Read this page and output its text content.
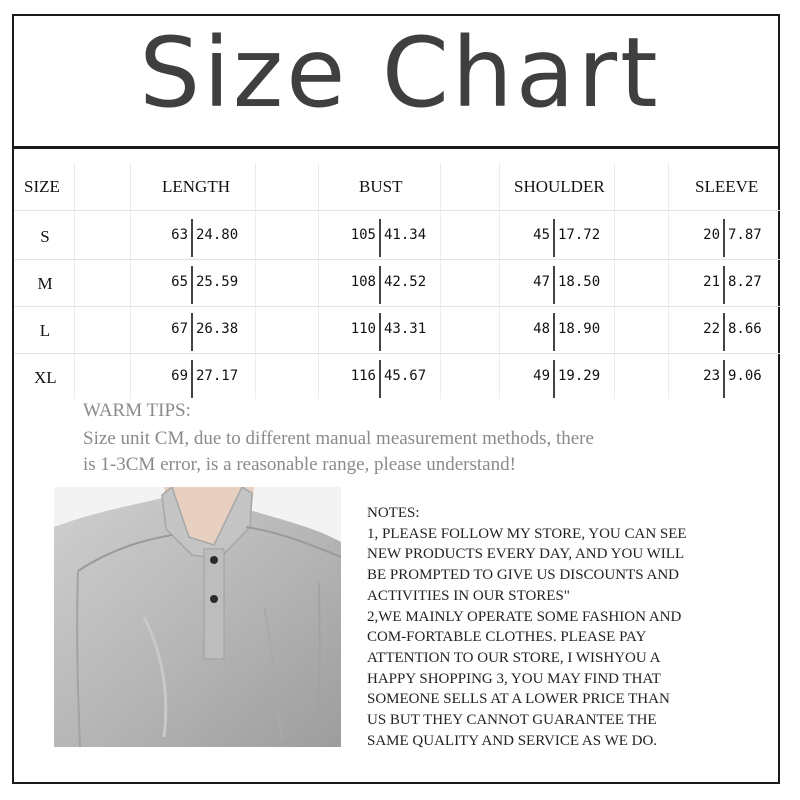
Size Chart
SIZE	LENGTH	BUST	SHOULDER	SLEEVE
S	63 24.80	105 41.34	45 17.72	20 7.87
M	65 25.59	108 42.52	47 18.50	21 8.27
L	67 26.38	110 43.31	48 18.90	22 8.66
XL	69 27.17	116 45.67	49 19.29	23 9.06
WARM TIPS:
Size unit CM, due to different manual measurement methods, there
is 1-3CM error, is a reasonable range, please understand!
NOTES:
1, PLEASE FOLLOW MY STORE, YOU CAN SEE
NEW PRODUCTS EVERY DAY, AND YOU WILL
BE PROMPTED TO GIVE US DISCOUNTS AND
ACTIVITIES IN OUR STORES"
2,WE MAINLY OPERATE SOME FASHION AND
COM-FORTABLE CLOTHES. PLEASE PAY
ATTENTION TO OUR STORE, I WISHYOU A
HAPPY SHOPPING 3, YOU MAY FIND THAT
SOMEONE SELLS AT A LOWER PRICE THAN
US BUT THEY CANNOT GUARANTEE THE
SAME QUALITY AND SERVICE AS WE DO.
